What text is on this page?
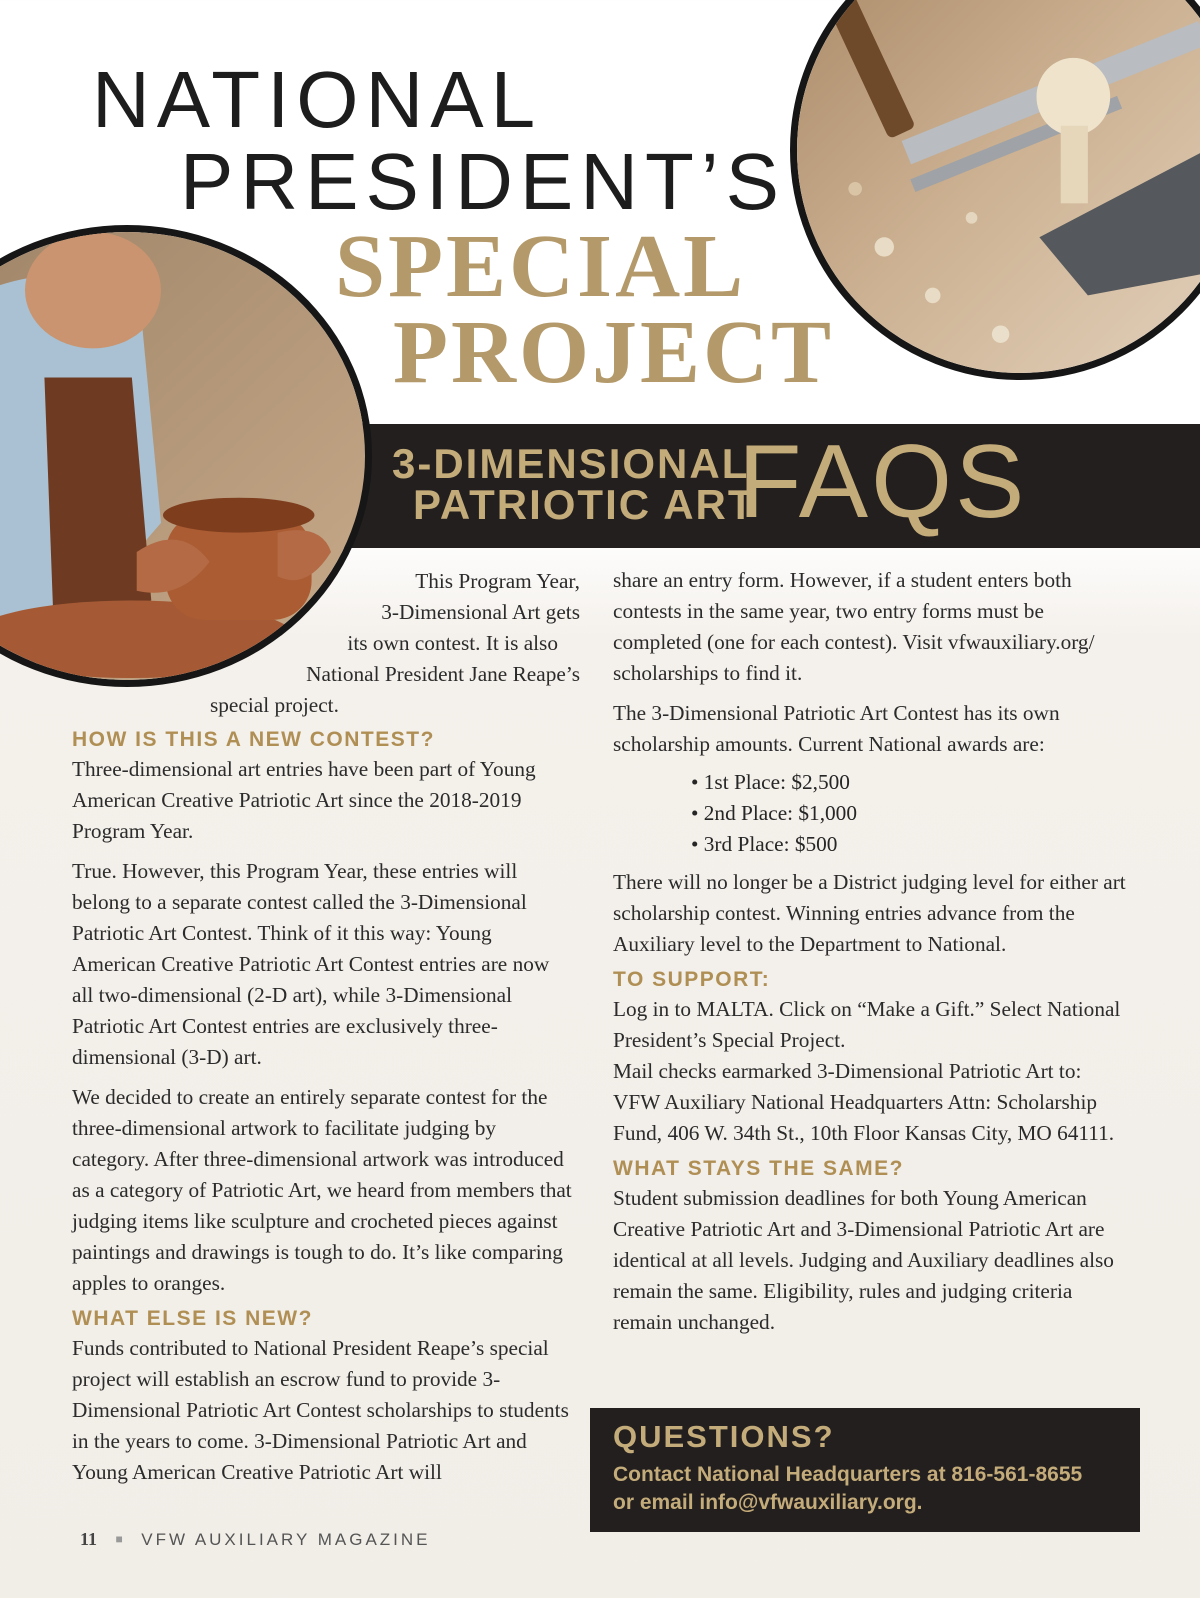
NATIONAL
PRESIDENT’S
SPECIAL
PROJECT

3-DIMENSIONAL

PATRIOTIC ART

FAQS

This Program Year,
3-Dimensional Art gets
its own contest. It is also
National President Jane Reape’s
special project.
HOW IS THIS A NEW CONTEST?

Three-dimensional art entries have been part of Young American Creative Patriotic Art since the 2018-2019 Program Year.

True. However, this Program Year, these entries will belong to a separate contest called the 3-Dimensional Patriotic Art Contest. Think of it this way: Young American Creative Patriotic Art Contest entries are now all two-dimensional (2-D art), while 3-Dimensional Patriotic Art Contest entries are exclusively three-dimensional (3-D) art.

We decided to create an entirely separate contest for the three-dimensional artwork to facilitate judging by category. After three-dimensional artwork was introduced as a category of Patriotic Art, we heard from members that judging items like sculpture and crocheted pieces against paintings and drawings is tough to do. It’s like comparing apples to oranges.

WHAT ELSE IS NEW?

Funds contributed to National President Reape’s special project will establish an escrow fund to provide 3-Dimensional Patriotic Art Contest scholarships to students in the years to come. 3-Dimensional Patriotic Art and Young American Creative Patriotic Art will

share an entry form. However, if a student enters both contests in the same year, two entry forms must be completed (one for each contest). Visit vfwauxiliary.org/ scholarships to find it.

The 3-Dimensional Patriotic Art Contest has its own scholarship amounts. Current National awards are:

• 1st Place: $2,500
• 2nd Place: $1,000
• 3rd Place: $500

There will no longer be a District judging level for either art scholarship contest. Winning entries advance from the Auxiliary level to the Department to National.

TO SUPPORT:

Log in to MALTA. Click on “Make a Gift.” Select National President’s Special Project.

Mail checks earmarked 3-Dimensional Patriotic Art to: VFW Auxiliary National Headquarters Attn: Scholarship Fund, 406 W. 34th St., 10th Floor Kansas City, MO 64111.

WHAT STAYS THE SAME?

Student submission deadlines for both Young American Creative Patriotic Art and 3-Dimensional Patriotic Art are identical at all levels. Judging and Auxiliary deadlines also remain the same. Eligibility, rules and judging criteria remain unchanged.

QUESTIONS?

Contact National Headquarters at 816-561-8655

or email info@vfwauxiliary.org.

11 ■ VFW AUXILIARY MAGAZINE
